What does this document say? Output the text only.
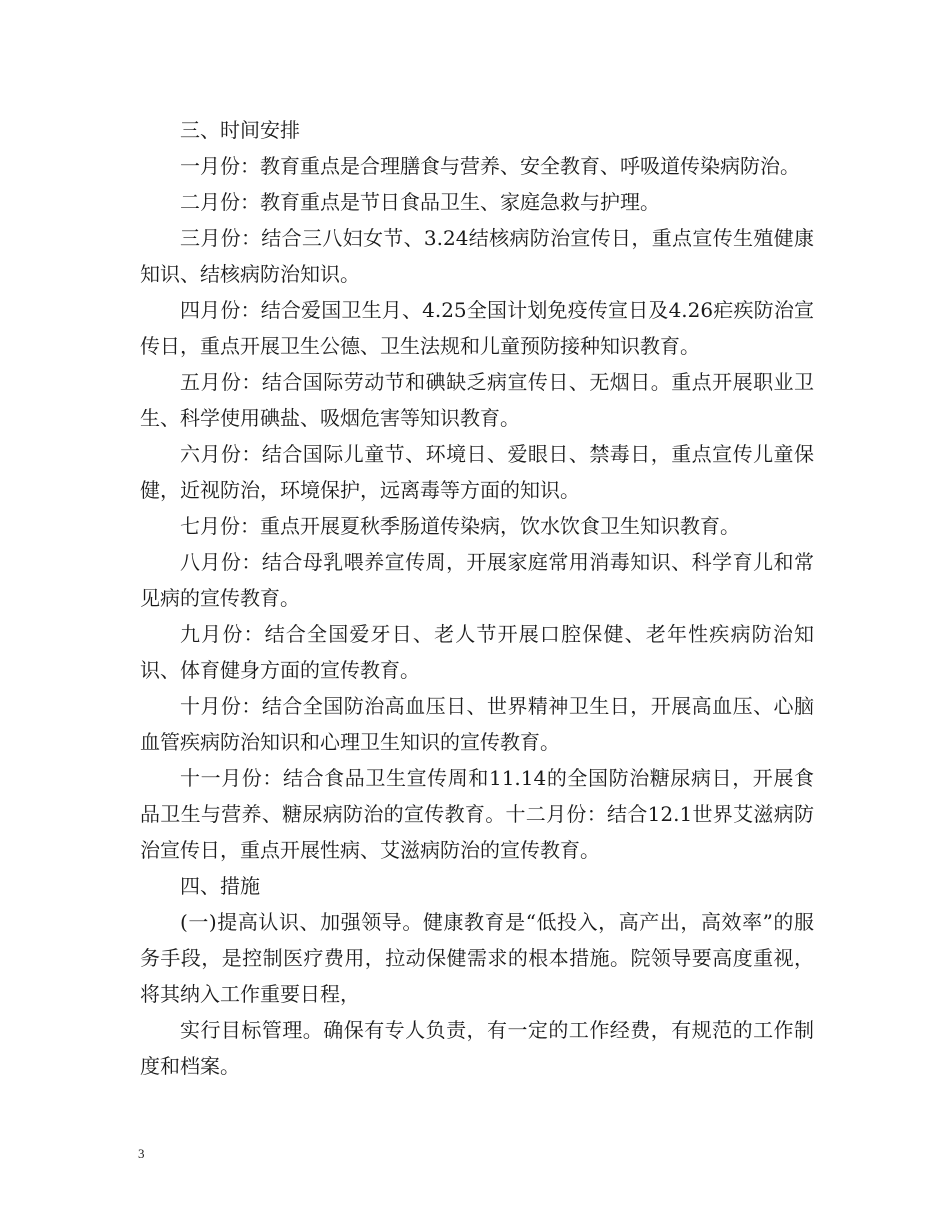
三、时间安排

一月份：教育重点是合理膳食与营养、安全教育、呼吸道传染病防治。

二月份：教育重点是节日食品卫生、家庭急救与护理。

三月份：结合三八妇女节、3.24结核病防治宣传日，重点宣传生殖健康知识、结核病防治知识。

四月份：结合爱国卫生月、4.25全国计划免疫传宣日及4.26疟疾防治宣传日，重点开展卫生公德、卫生法规和儿童预防接种知识教育。

五月份：结合国际劳动节和碘缺乏病宣传日、无烟日。重点开展职业卫生、科学使用碘盐、吸烟危害等知识教育。

六月份：结合国际儿童节、环境日、爱眼日、禁毒日，重点宣传儿童保健，近视防治，环境保护，远离毒等方面的知识。

七月份：重点开展夏秋季肠道传染病，饮水饮食卫生知识教育。

八月份：结合母乳喂养宣传周，开展家庭常用消毒知识、科学育儿和常见病的宣传教育。

九月份：结合全国爱牙日、老人节开展口腔保健、老年性疾病防治知识、体育健身方面的宣传教育。

十月份：结合全国防治高血压日、世界精神卫生日，开展高血压、心脑血管疾病防治知识和心理卫生知识的宣传教育。

十一月份：结合食品卫生宣传周和11.14的全国防治糖尿病日，开展食品卫生与营养、糖尿病防治的宣传教育。十二月份：结合12.1世界艾滋病防治宣传日，重点开展性病、艾滋病防治的宣传教育。

四、措施

(一)提高认识、加强领导。健康教育是“低投入，高产出，高效率”的服务手段，是控制医疗费用，拉动保健需求的根本措施。院领导要高度重视，将其纳入工作重要日程，

实行目标管理。确保有专人负责，有一定的工作经费，有规范的工作制度和档案。

3
